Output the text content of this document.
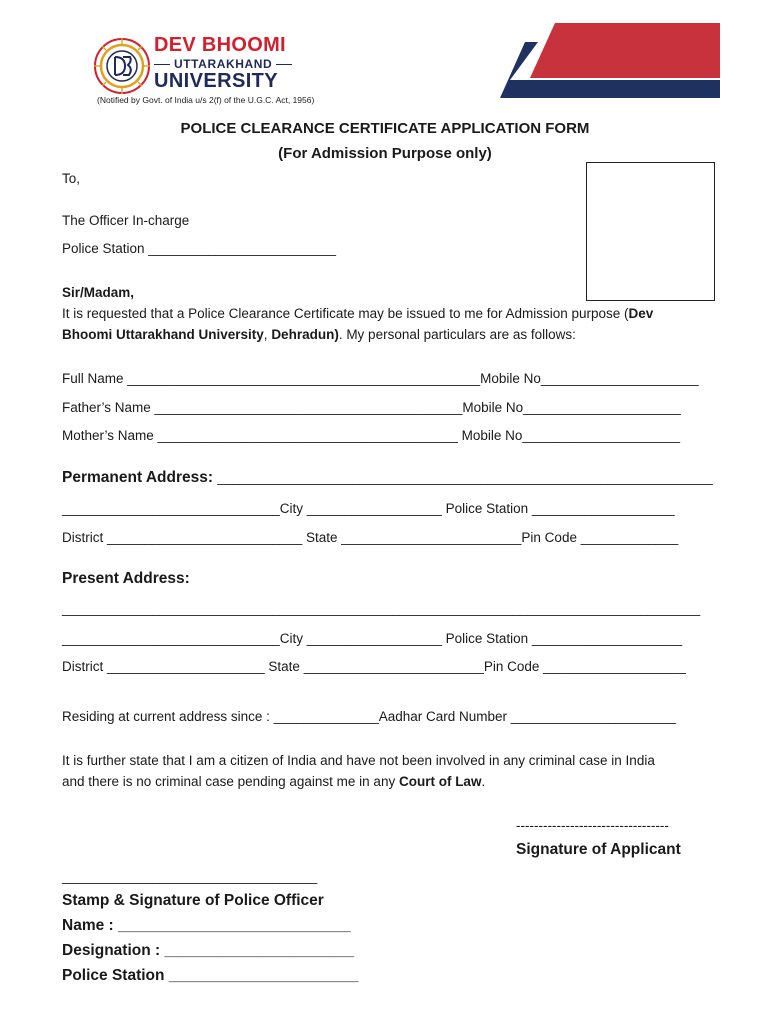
DEV BHOOMI
UTTARAKHAND
UNIVERSITY
(Notified by Govt. of India u/s 2(f) of the U.G.C. Act, 1956)
POLICE CLEARANCE CERTIFICATE APPLICATION FORM
(For Admission Purpose only)
To,
The Officer In-charge
Police Station _________________________
Sir/Madam,
It is requested that a Police Clearance Certificate may be issued to me for Admission purpose (Dev
Bhoomi Uttarakhand University, Dehradun). My personal particulars are as follows:
Full Name _______________________________________________Mobile No_____________________
Father’s Name _________________________________________Mobile No_____________________
Mother’s Name ________________________________________ Mobile No_____________________
Permanent Address: __________________________________________________________________
_____________________________City __________________ Police Station ___________________
District __________________________ State ________________________Pin Code _____________
Present Address:
_____________________________________________________________________________________
_____________________________City __________________ Police Station ____________________
District _____________________ State ________________________Pin Code ___________________
Residing at current address since : ______________Aadhar Card Number ______________________
It is further state that I am a citizen of India and have not been involved in any criminal case in India
and there is no criminal case pending against me in any Court of Law.
----------------------------------
Signature of Applicant
__________________________________
Stamp & Signature of Police Officer
Name : ___________________________
Designation : ______________________
Police Station ______________________
